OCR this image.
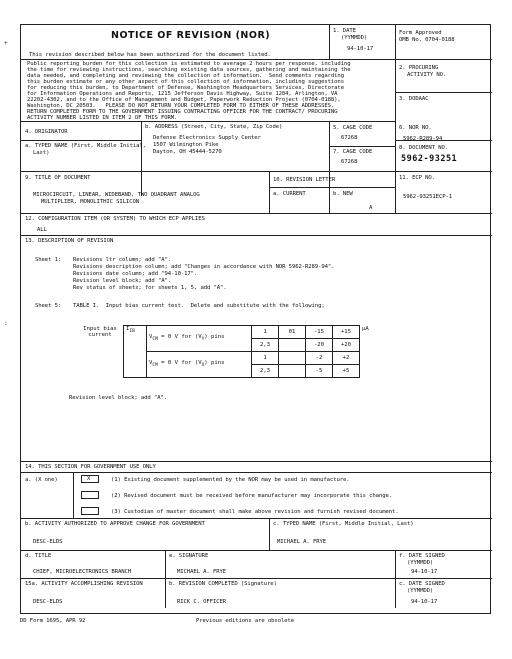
+
:
NOTICE OF REVISION (NOR)
This revision described below has been authorized for the document listed.
1. DATE
(YYMMDD)
94-10-17
Form Approved
OMB No. 0704-0188
Public reporting burden for this collection is estimated to average 2 hours per response, including
the time for reviewing instructions, searching existing data sources, gathering and maintaining the
data needed, and completing and reviewing the collection of information.  Send comments regarding
this burden estimate or any other aspect of this collection of information, including suggestions
for reducing this burden, to Department of Defense, Washington Headquarters Services, Directorate
for Information Operations and Reports, 1215 Jefferson Davis Highway, Suite 1204, Arlington, VA
22202-4302, and to the Office of Management and Budget, Paperwork Reduction Project (0704-0188),
Washington, DC 20503.   PLEASE DO NOT RETURN YOUR COMPLETED FORM TO EITHER OF THESE ADDRESSES.
RETURN COMPLETED FORM TO THE GOVERNMENT ISSUING CONTRACTING OFFICER FOR THE CONTRACT/ PROCURING
ACTIVITY NUMBER LISTED IN ITEM 2 OF THIS FORM.
2. PROCURING
ACTIVITY NO.
3. DODAAC
4. ORIGINATOR
b. ADDRESS (Street, City, State, Zip Code)
Defense Electronics Supply Center
1507 Wilmington Pike
Dayton, OH 45444-5270
5. CAGE CODE
67268
a. TYPED NAME (First, Middle Initial,
Last)
6. NOR NO.
5962-R289-94
7. CAGE CODE
67268
8. DOCUMENT NO.
5962-93251
9. TITLE OF DOCUMENT
MICROCIRCUIT, LINEAR, WIDEBAND, TWO QUADRANT ANALOG
MULTIPLIER, MONOLITHIC SILICON
10. REVISION LETTER
a. CURRENT	b. NEW
A
11. ECP NO.
5962-93251ECP-1
12. CONFIGURATION ITEM (OR SYSTEM) TO WHICH ECP APPLIES
ALL
13. DESCRIPTION OF REVISION
Sheet 1: Revisions ltr column; add "A".
Revisions description column; add "Changes in accordance with NOR 5962-R289-94".
Revisions date column; add "94-10-17".
Revision level block; add "A".
Rev status of sheets; for sheets 1, 5, add "A".
Sheet 5: TABLE I.  Input bias current test.  Delete and substitute with the following;
Input bias
current	$I_{IB}$	$V_{CM} = 0$ V for $(V_Y)$ pins	1	01	-15	+15	µA
			2,3		-20	+20	
		$V_{CM} = 0$ V for $(V_X)$ pins	1		-2	+2	
			2,3		-5	+5	
Revision level block; add "A".
14. THIS SECTION FOR GOVERNMENT USE ONLY
a. (X one)	X	(1) Existing document supplemented by the NOR may be used in manufacture.
(2) Revised document must be received before manufacturer may incorporate this change.
(3) Custodian of master document shall make above revision and furnish revised document.
b. ACTIVITY AUTHORIZED TO APPROVE CHANGE FOR GOVERNMENT
DESC-ELDS
c. TYPED NAME (First, Middle Initial, Last)
MICHAEL A. FRYE
d. TITLE
CHIEF, MICROELECTRONICS BRANCH
e. SIGNATURE
MICHAEL A. FRYE
f. DATE SIGNED
(YYMMDD)
94-10-17
15a. ACTIVITY ACCOMPLISHING REVISION
DESC-ELDS
b. REVISION COMPLETED (Signature)
RICK C. OFFICER
c. DATE SIGNED
(YYMMDD)
94-10-17
DD Form 1695, APR 92	Previous editions are obsolete
